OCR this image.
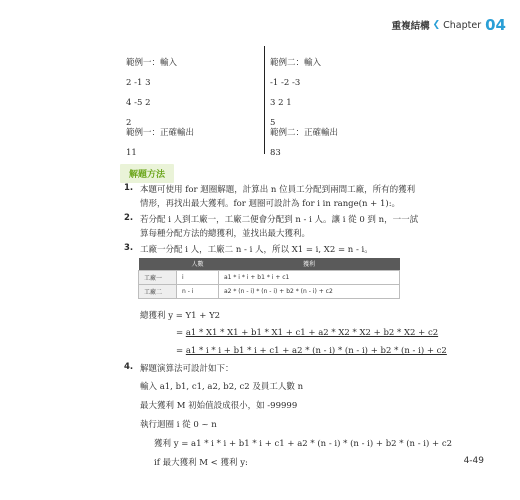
重複結構 ❮ Chapter 04
範例一：輸入
2 -1 3
4 -5 2
2
範例一：正確輸出
11
範例二：輸入
-1 -2 -3
3 2 1
5
範例二：正確輸出
83
解題方法
1. 本題可使用 for 迴圈解題，計算出 n 位員工分配到兩間工廠，所有的獲利
情形，再找出最大獲利。for 迴圈可設計為 for i in range(n + 1):。
2. 若分配 i 人到工廠一，工廠二便會分配到 n - i 人。讓 i 從 0 到 n，一一試
算每種分配方法的總獲利，並找出最大獲利。
3. 工廠一分配 i 人，工廠二 n - i 人，所以 X1 = i, X2 = n - i。
	人數	獲利
工廠一	i	a1 * i * i + b1 * i + c1
工廠二	n - i	a2 * (n - i) * (n - i) + b2 * (n - i) + c2
總獲利 y = Y1 + Y2
= a1 * X1 * X1 + b1 * X1 + c1 + a2 * X2 * X2 + b2 * X2 + c2
= a1 * i * i + b1 * i + c1 + a2 * (n - i) * (n - i) + b2 * (n - i) + c2
4. 解題演算法可設計如下：
輸入 a1, b1, c1, a2, b2, c2 及員工人數 n
最大獲利 M 初始值設成很小，如 -99999
執行迴圈 i 從 0 ~ n
獲利 y = a1 * i * i + b1 * i + c1 + a2 * (n - i) * (n - i) + b2 * (n - i) + c2
if 最大獲利 M < 獲利 y:	4-49
